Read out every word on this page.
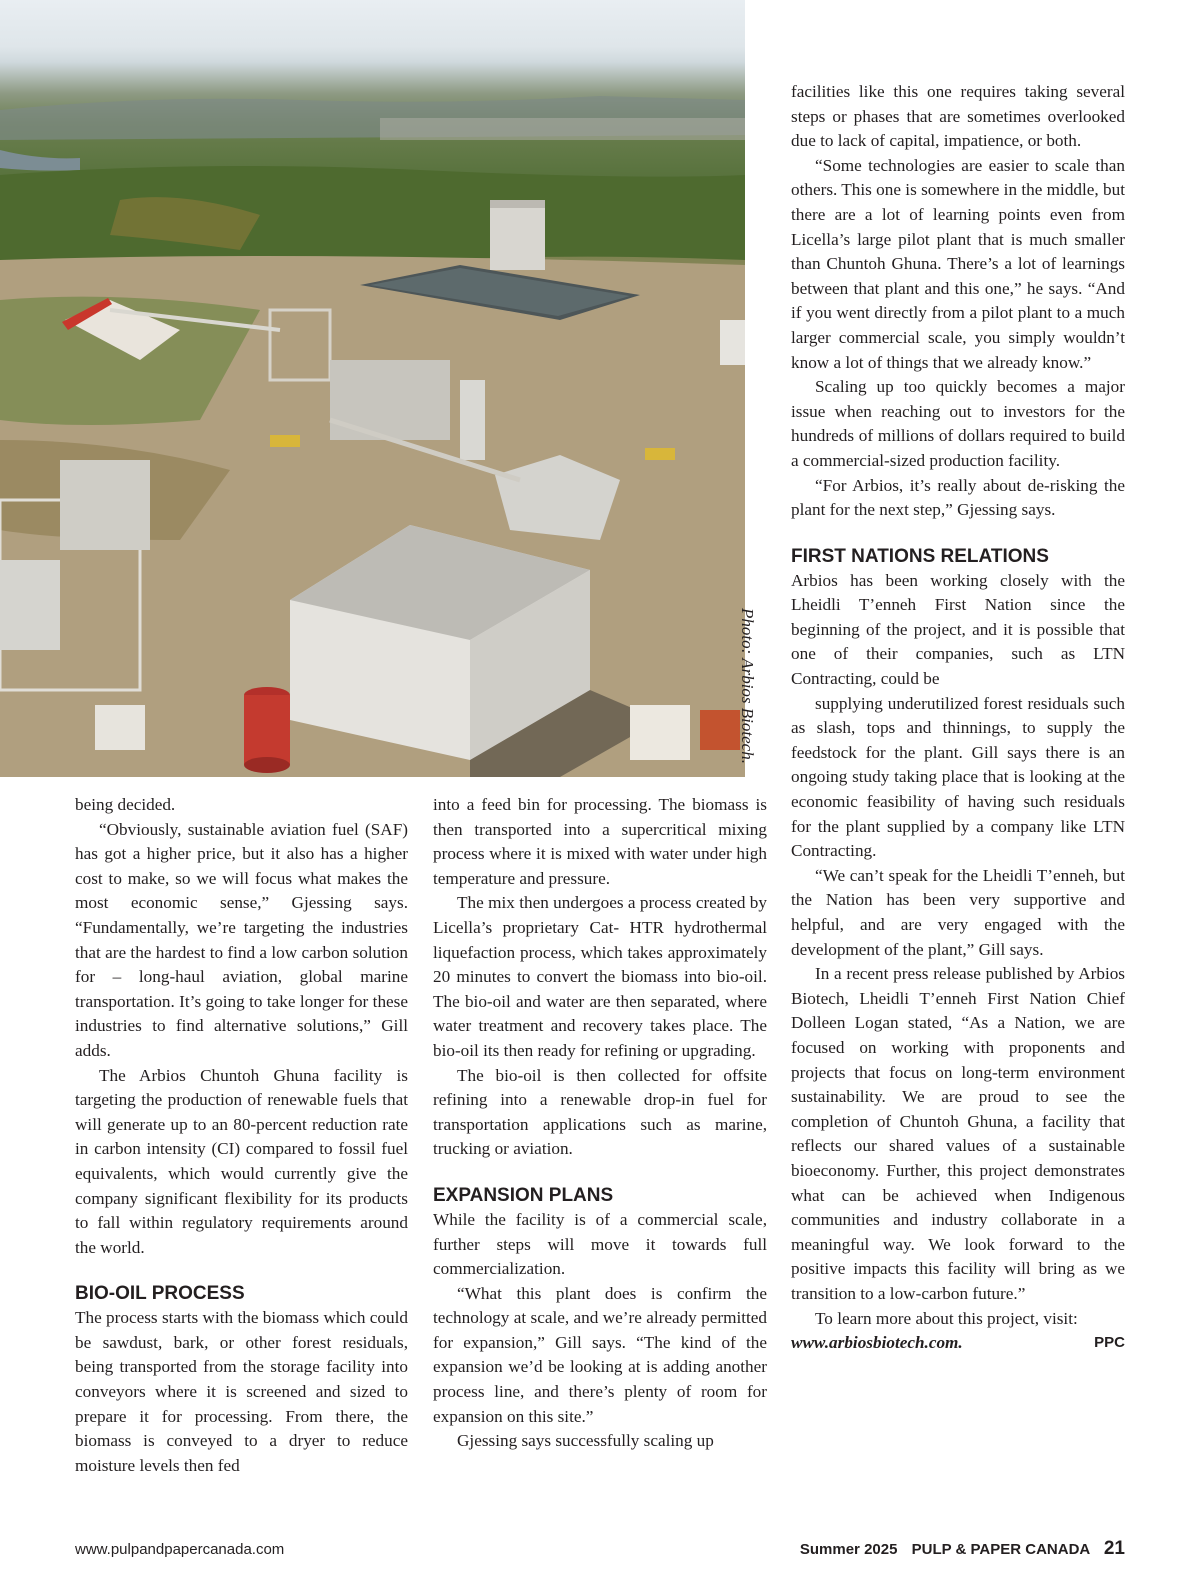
Photo: Arbios Biotech.

being decided.

“Obviously, sustainable aviation fuel (SAF) has got a higher price, but it also has a higher cost to make, so we will focus what makes the most economic sense,” Gjessing says. “Fundamentally, we’re targeting the industries that are the hardest to find a low carbon solution for – long-haul aviation, global marine transportation. It’s going to take longer for these industries to find alternative solutions,” Gill adds.

The Arbios Chuntoh Ghuna facility is targeting the production of renewable fuels that will generate up to an 80-percent reduction rate in carbon intensity (CI) compared to fossil fuel equivalents, which would currently give the company significant flexibility for its products to fall within regulatory requirements around the world.

BIO-OIL PROCESS

The process starts with the biomass which could be sawdust, bark, or other forest residuals, being transported from the storage facility into conveyors where it is screened and sized to prepare it for processing. From there, the biomass is conveyed to a dryer to reduce moisture levels then fed

into a feed bin for processing. The biomass is then transported into a supercritical mixing process where it is mixed with water under high temperature and pressure.

The mix then undergoes a process created by Licella’s proprietary Cat- HTR hydrothermal liquefaction process, which takes approximately 20 minutes to convert the biomass into bio-oil. The bio-oil and water are then separated, where water treatment and recovery takes place. The bio-oil its then ready for refining or upgrading.

The bio-oil is then collected for offsite refining into a renewable drop-in fuel for transportation applications such as marine, trucking or aviation.

EXPANSION PLANS

While the facility is of a commercial scale, further steps will move it towards full commercialization.

“What this plant does is confirm the technology at scale, and we’re already permitted for expansion,” Gill says. “The kind of the expansion we’d be looking at is adding another process line, and there’s plenty of room for expansion on this site.”

Gjessing says successfully scaling up

facilities like this one requires taking several steps or phases that are sometimes overlooked due to lack of capital, impatience, or both.

“Some technologies are easier to scale than others. This one is somewhere in the middle, but there are a lot of learning points even from Licella’s large pilot plant that is much smaller than Chuntoh Ghuna. There’s a lot of learnings between that plant and this one,” he says. “And if you went directly from a pilot plant to a much larger commercial scale, you simply wouldn’t know a lot of things that we already know.”

Scaling up too quickly becomes a major issue when reaching out to investors for the hundreds of millions of dollars required to build a commercial-sized production facility.

“For Arbios, it’s really about de-risking the plant for the next step,” Gjessing says.

FIRST NATIONS RELATIONS

Arbios has been working closely with the Lheidli T’enneh First Nation since the beginning of the project, and it is possible that one of their companies, such as LTN Contracting, could be

supplying underutilized forest residuals such as slash, tops and thinnings, to supply the feedstock for the plant. Gill says there is an ongoing study taking place that is looking at the economic feasibility of having such residuals for the plant supplied by a company like LTN Contracting.

“We can’t speak for the Lheidli T’enneh, but the Nation has been very supportive and helpful, and are very engaged with the development of the plant,” Gill says.

In a recent press release published by Arbios Biotech, Lheidli T’enneh First Nation Chief Dolleen Logan stated, “As a Nation, we are focused on working with proponents and projects that focus on long-term environment sustainability. We are proud to see the completion of Chuntoh Ghuna, a facility that reflects our shared values of a sustainable bioeconomy. Further, this project demonstrates what can be achieved when Indigenous communities and industry collaborate in a meaningful way. We look forward to the positive impacts this facility will bring as we transition to a low-carbon future.”

To learn more about this project, visit:

www.arbiosbiotech.com.	PPC

www.pulpandpapercanada.com	Summer 2025 PULP & PAPER CANADA 21
